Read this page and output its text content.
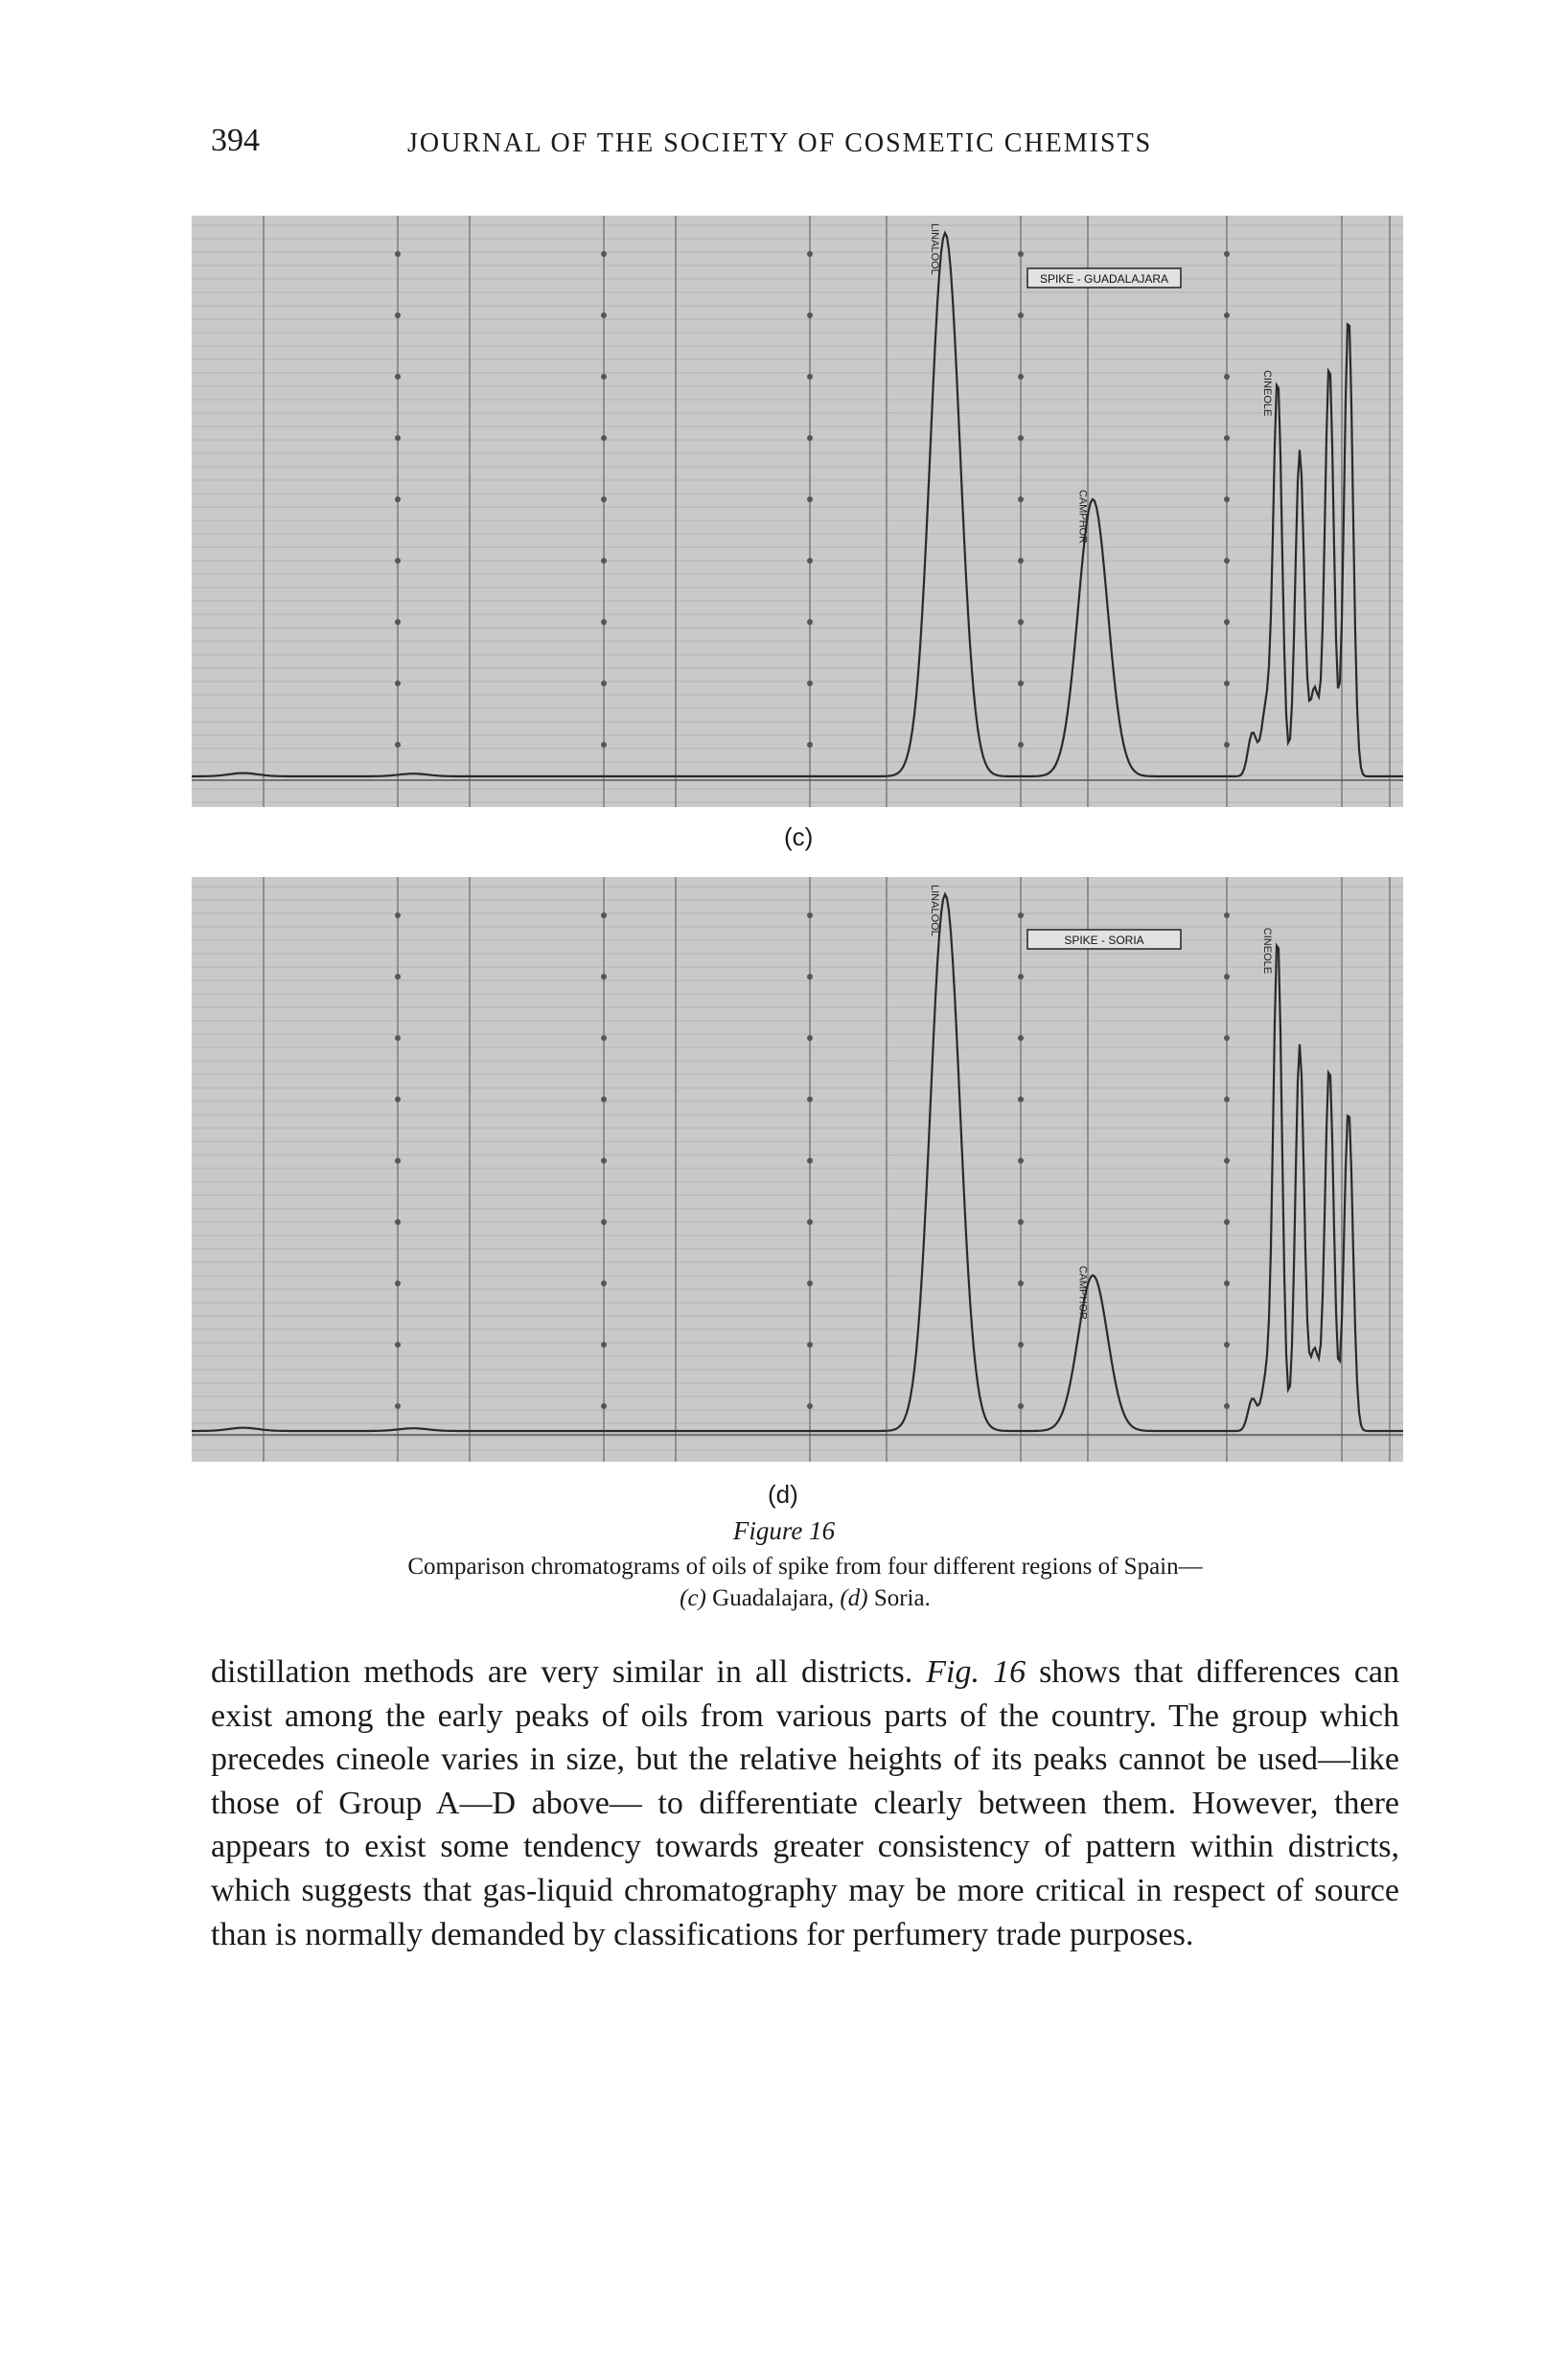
394	JOURNAL OF THE SOCIETY OF COSMETIC CHEMISTS
LINALOOL
CAMPHOR
CINEOLE
SPIKE - GUADALAJARA
(c)
LINALOOL
CAMPHOR
CINEOLE
SPIKE - SORIA
(d)
Figure 16
Comparison chromatograms of oils of spike from four different regions of Spain—
(c) Guadalajara, (d) Soria.
distillation methods are very similar in all districts. Fig. 16 shows that differences can exist among the early peaks of oils from various parts of the country. The group which precedes cineole varies in size, but the relative heights of its peaks cannot be used—like those of Group A—D above— to differentiate clearly between them. However, there appears to exist some tendency towards greater consistency of pattern within districts, which suggests that gas-liquid chromatography may be more critical in respect of source than is normally demanded by classifications for perfumery trade purposes.
